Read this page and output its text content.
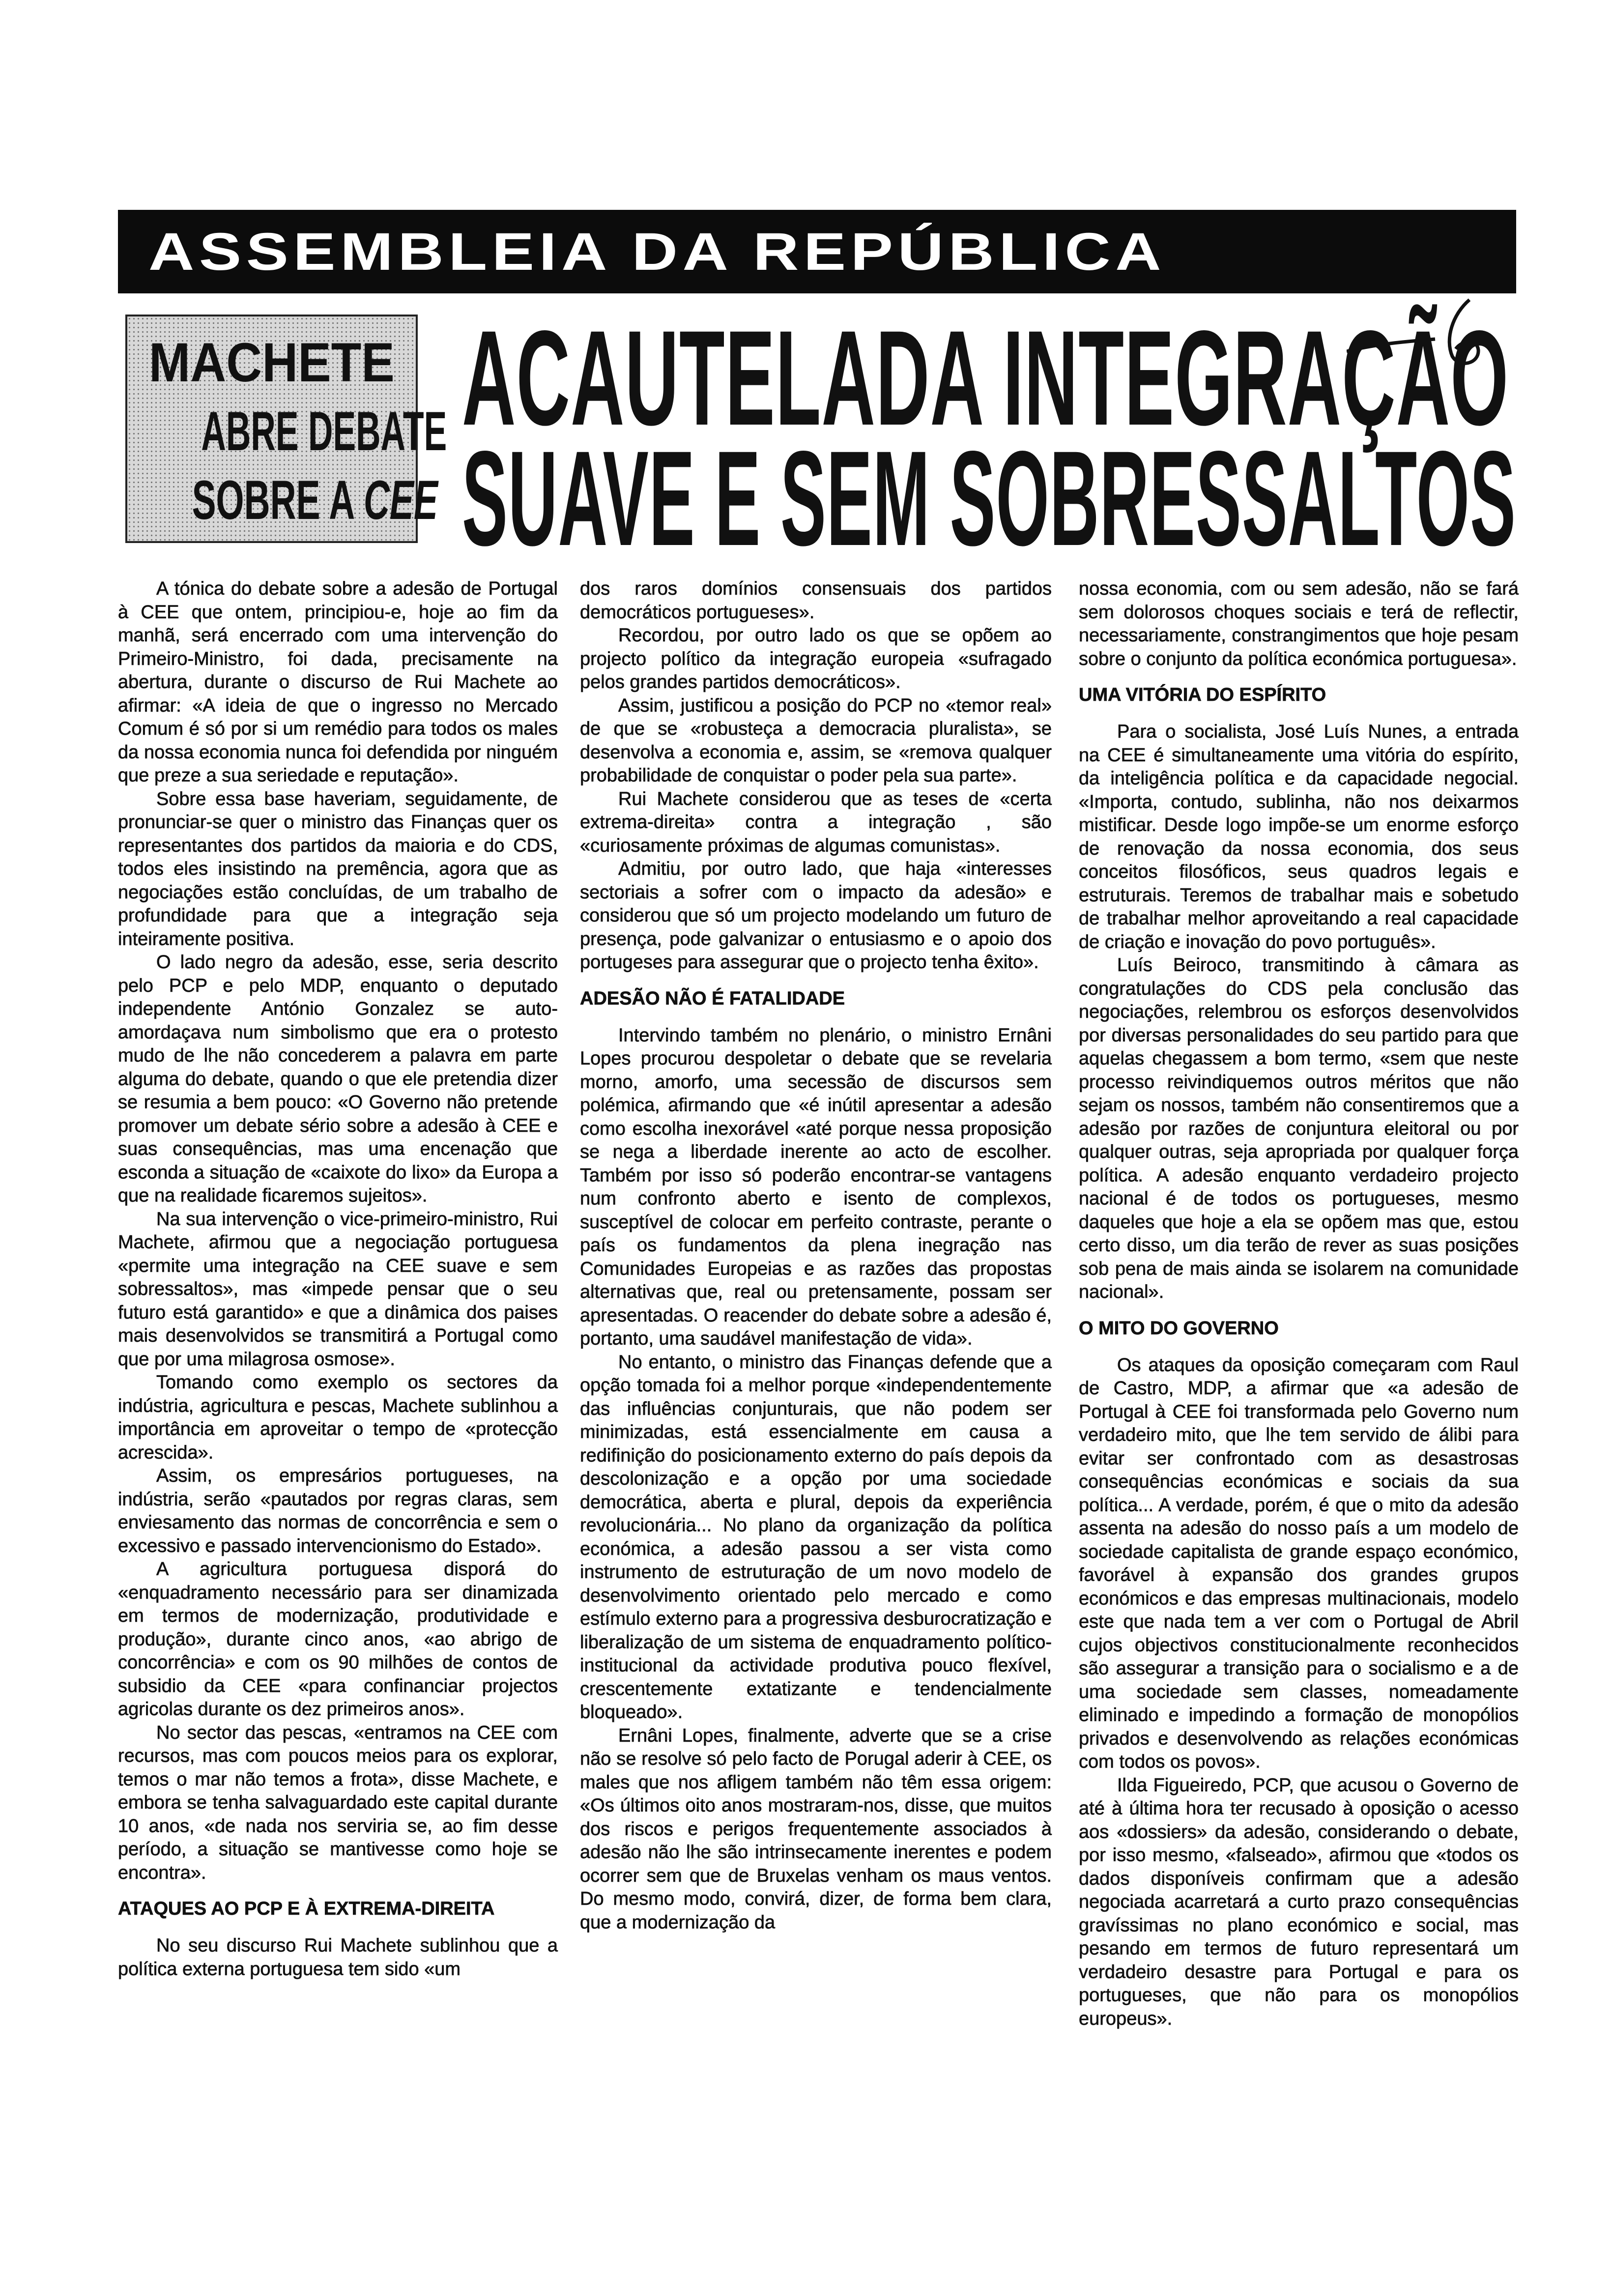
ASSEMBLEIA DA REPÚBLICA
MACHETE
ABRE DEBATE
SOBRE A CEE
ACAUTELADA INTEGRAÇÃO
SUAVE E SEM SOBRESSALTOS

A tónica do debate sobre a adesão de Portugal à CEE que ontem, principiou-e, hoje ao fim da manhã, será encerrado com uma intervenção do Primeiro-Ministro, foi dada, precisamente na abertura, durante o discurso de Rui Machete ao afirmar: «A ideia de que o ingresso no Mercado Comum é só por si um remédio para todos os males da nossa economia nunca foi defendida por ninguém que preze a sua seriedade e reputação».

Sobre essa base haveriam, seguidamente, de pronunciar-se quer o ministro das Finanças quer os representantes dos partidos da maioria e do CDS, todos eles insistindo na premência, agora que as negociações estão concluídas, de um trabalho de profundidade para que a integração seja inteiramente positiva.

O lado negro da adesão, esse, seria descrito pelo PCP e pelo MDP, enquanto o deputado independente António Gonzalez se auto-amordaçava num simbolismo que era o protesto mudo de lhe não concederem a palavra em parte alguma do debate, quando o que ele pretendia dizer se resumia a bem pouco: «O Governo não pretende promover um debate sério sobre a adesão à CEE e suas consequências, mas uma encenação que esconda a situação de «caixote do lixo» da Europa a que na realidade ficaremos sujeitos».

Na sua intervenção o vice-primeiro-ministro, Rui Machete, afirmou que a negociação portuguesa «permite uma integração na CEE suave e sem sobressaltos», mas «impede pensar que o seu futuro está garantido» e que a dinâmica dos paises mais desenvolvidos se transmitirá a Portugal como que por uma milagrosa osmose».

Tomando como exemplo os sectores da indústria, agricultura e pescas, Machete sublinhou a importância em aproveitar o tempo de «protecção acrescida».

Assim, os empresários portugueses, na indústria, serão «pautados por regras claras, sem enviesamento das normas de concorrência e sem o excessivo e passado intervencionismo do Estado».

A agricultura portuguesa disporá do «enquadramento necessário para ser dinamizada em termos de modernização, produtividade e produção», durante cinco anos, «ao abrigo de concorrência» e com os 90 milhões de contos de subsidio da CEE «para confinanciar projectos agricolas durante os dez primeiros anos».

No sector das pescas, «entramos na CEE com recursos, mas com poucos meios para os explorar, temos o mar não temos a frota», disse Machete, e embora se tenha salvaguardado este capital durante 10 anos, «de nada nos serviria se, ao fim desse período, a situação se mantivesse como hoje se encontra».

ATAQUES AO PCP E À EXTREMA-DIREITA

No seu discurso Rui Machete sublinhou que a política externa portuguesa tem sido «um

dos raros domínios consensuais dos partidos democráticos portugueses».

Recordou, por outro lado os que se opõem ao projecto político da integração europeia «sufragado pelos grandes partidos democráticos».

Assim, justificou a posição do PCP no «temor real» de que se «robusteça a democracia pluralista», se desenvolva a economia e, assim, se «remova qualquer probabilidade de conquistar o poder pela sua parte».

Rui Machete considerou que as teses de «certa extrema-direita» contra a integração , são «curiosamente próximas de algumas comunistas».

Admitiu, por outro lado, que haja «interesses sectoriais a sofrer com o impacto da adesão» e considerou que só um projecto modelando um futuro de presença, pode galvanizar o entusiasmo e o apoio dos portugeses para assegurar que o projecto tenha êxito».

ADESÃO NÃO É FATALIDADE

Intervindo também no plenário, o ministro Ernâni Lopes procurou despoletar o debate que se revelaria morno, amorfo, uma secessão de discursos sem polémica, afirmando que «é inútil apresentar a adesão como escolha inexorável «até porque nessa proposição se nega a liberdade inerente ao acto de escolher. Também por isso só poderão encontrar-se vantagens num confronto aberto e isento de complexos, susceptível de colocar em perfeito contraste, perante o país os fundamentos da plena inegração nas Comunidades Europeias e as razões das propostas alternativas que, real ou pretensamente, possam ser apresentadas. O reacender do debate sobre a adesão é, portanto, uma saudável manifestação de vida».

No entanto, o ministro das Finanças defende que a opção tomada foi a melhor porque «independentemente das influências conjunturais, que não podem ser minimizadas, está essencialmente em causa a redifinição do posicionamento externo do país depois da descolonização e a opção por uma sociedade democrática, aberta e plural, depois da experiência revolucionária... No plano da organização da política económica, a adesão passou a ser vista como instrumento de estruturação de um novo modelo de desenvolvimento orientado pelo mercado e como estímulo externo para a progressiva desburocratização e liberalização de um sistema de enquadramento político-institucional da actividade produtiva pouco flexível, crescentemente extatizante e tendencialmente bloqueado».

Ernâni Lopes, finalmente, adverte que se a crise não se resolve só pelo facto de Porugal aderir à CEE, os males que nos afligem também não têm essa origem: «Os últimos oito anos mostraram-nos, disse, que muitos dos riscos e perigos frequentemente associados à adesão não lhe são intrinsecamente inerentes e podem ocorrer sem que de Bruxelas venham os maus ventos. Do mesmo modo, convirá, dizer, de forma bem clara, que a modernização da

nossa economia, com ou sem adesão, não se fará sem dolorosos choques sociais e terá de reflectir, necessariamente, constrangimentos que hoje pesam sobre o conjunto da política económica portuguesa».

UMA VITÓRIA DO ESPÍRITO

Para o socialista, José Luís Nunes, a entrada na CEE é simultaneamente uma vitória do espírito, da inteligência política e da capacidade negocial. «Importa, contudo, sublinha, não nos deixarmos mistificar. Desde logo impõe-se um enorme esforço de renovação da nossa economia, dos seus conceitos filosóficos, seus quadros legais e estruturais. Teremos de trabalhar mais e sobetudo de trabalhar melhor aproveitando a real capacidade de criação e inovação do povo português».

Luís Beiroco, transmitindo à câmara as congratulações do CDS pela conclusão das negociações, relembrou os esforços desenvolvidos por diversas personalidades do seu partido para que aquelas chegassem a bom termo, «sem que neste processo reivindiquemos outros méritos que não sejam os nossos, também não consentiremos que a adesão por razões de conjuntura eleitoral ou por qualquer outras, seja apropriada por qualquer força política. A adesão enquanto verdadeiro projecto nacional é de todos os portugueses, mesmo daqueles que hoje a ela se opõem mas que, estou certo disso, um dia terão de rever as suas posições sob pena de mais ainda se isolarem na comunidade nacional».

O MITO DO GOVERNO

Os ataques da oposição começaram com Raul de Castro, MDP, a afirmar que «a adesão de Portugal à CEE foi transformada pelo Governo num verdadeiro mito, que lhe tem servido de álibi para evitar ser confrontado com as desastrosas consequências económicas e sociais da sua política... A verdade, porém, é que o mito da adesão assenta na adesão do nosso país a um modelo de sociedade capitalista de grande espaço económico, favorável à expansão dos grandes grupos económicos e das empresas multinacionais, modelo este que nada tem a ver com o Portugal de Abril cujos objectivos constitucionalmente reconhecidos são assegurar a transição para o socialismo e a de uma sociedade sem classes, nomeadamente eliminado e impedindo a formação de monopólios privados e desenvolvendo as relações económicas com todos os povos».

Ilda Figueiredo, PCP, que acusou o Governo de até à última hora ter recusado à oposição o acesso aos «dossiers» da adesão, considerando o debate, por isso mesmo, «falseado», afirmou que «todos os dados disponíveis confirmam que a adesão negociada acarretará a curto prazo consequências gravíssimas no plano económico e social, mas pesando em termos de futuro representará um verdadeiro desastre para Portugal e para os portugueses, que não para os monopólios europeus».
